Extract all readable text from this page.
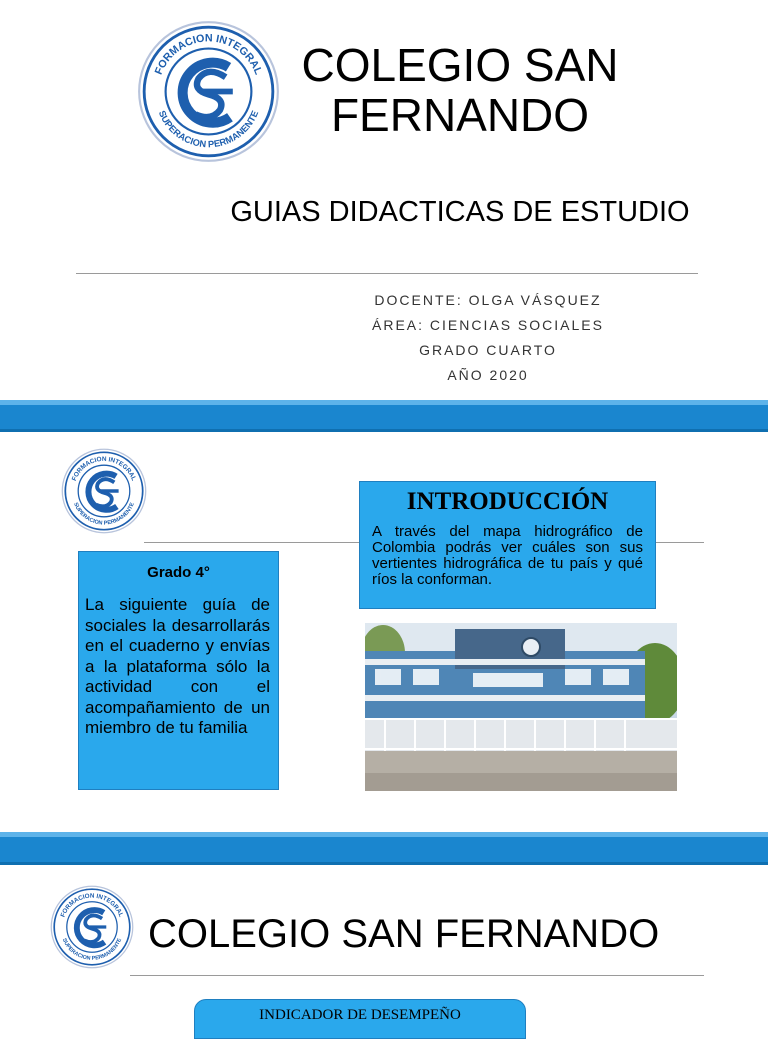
FORMACION INTEGRAL
SUPERACION PERMANENTE
COLEGIO SAN
FERNANDO
GUIAS DIDACTICAS DE ESTUDIO
DOCENTE: OLGA VÁSQUEZ
ÁREA: CIENCIAS SOCIALES
GRADO CUARTO
AÑO 2020
FORMACION INTEGRAL
SUPERACION PERMANENTE	INTRODUCCIÓN
A través del mapa hidrográfico de Colombia podrás ver cuáles son sus vertientes hidrográfica de tu país y qué ríos la conforman.
Grado 4°
La siguiente guía de sociales la desarrollarás en el cuaderno y envías a la plataforma sólo la actividad con el acompañamiento de un miembro de tu familia
FORMACION INTEGRAL
SUPERACION PERMANENTE COLEGIO SAN FERNANDO
INDICADOR DE DESEMPEÑO
